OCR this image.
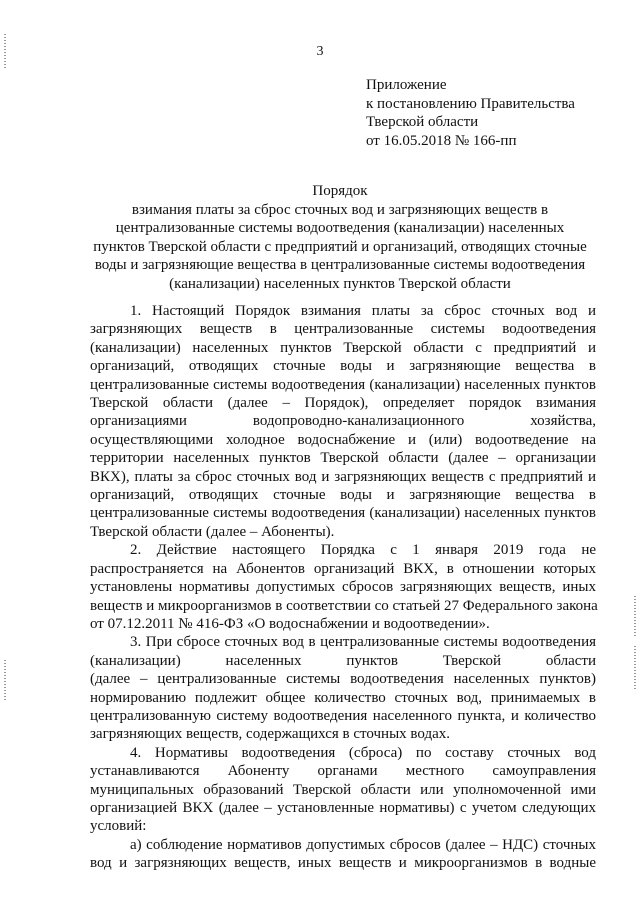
3
Приложение
к постановлению Правительства
Тверской области
от 16.05.2018 № 166-пп
Порядок
взимания платы за сброс сточных вод и загрязняющих веществ в
централизованные системы водоотведения (канализации) населенных
пунктов Тверской области с предприятий и организаций, отводящих сточные
воды и загрязняющие вещества в централизованные системы водоотведения
(канализации) населенных пунктов Тверской области
1. Настоящий Порядок взимания платы за сброс сточных вод и
загрязняющих веществ в централизованные системы водоотведения
(канализации) населенных пунктов Тверской области с предприятий и
организаций, отводящих сточные воды и загрязняющие вещества в
централизованные системы водоотведения (канализации) населенных пунктов
Тверской области (далее – Порядок), определяет порядок взимания
организациями водопроводно-канализационного хозяйства,
осуществляющими холодное водоснабжение и (или) водоотведение на
территории населенных пунктов Тверской области (далее – организации
ВКХ), платы за сброс сточных вод и загрязняющих веществ с предприятий и
организаций, отводящих сточные воды и загрязняющие вещества в
централизованные системы водоотведения (канализации) населенных пунктов
Тверской области (далее – Абоненты).
2. Действие настоящего Порядка с 1 января 2019 года не
распространяется на Абонентов организаций ВКХ, в отношении которых
установлены нормативы допустимых сбросов загрязняющих веществ, иных
веществ и микроорганизмов в соответствии со статьей 27 Федерального закона
от 07.12.2011 № 416-ФЗ «О водоснабжении и водоотведении».
3. При сбросе сточных вод в централизованные системы водоотведения
(канализации) населенных пунктов Тверской области
(далее – централизованные системы водоотведения населенных пунктов)
нормированию подлежит общее количество сточных вод, принимаемых в
централизованную систему водоотведения населенного пункта, и количество
загрязняющих веществ, содержащихся в сточных водах.
4. Нормативы водоотведения (сброса) по составу сточных вод
устанавливаются Абоненту органами местного самоуправления
муниципальных образований Тверской области или уполномоченной ими
организацией ВКХ (далее – установленные нормативы) с учетом следующих
условий:
а) соблюдение нормативов допустимых сбросов (далее – НДС) сточных
вод и загрязняющих веществ, иных веществ и микроорганизмов в водные
